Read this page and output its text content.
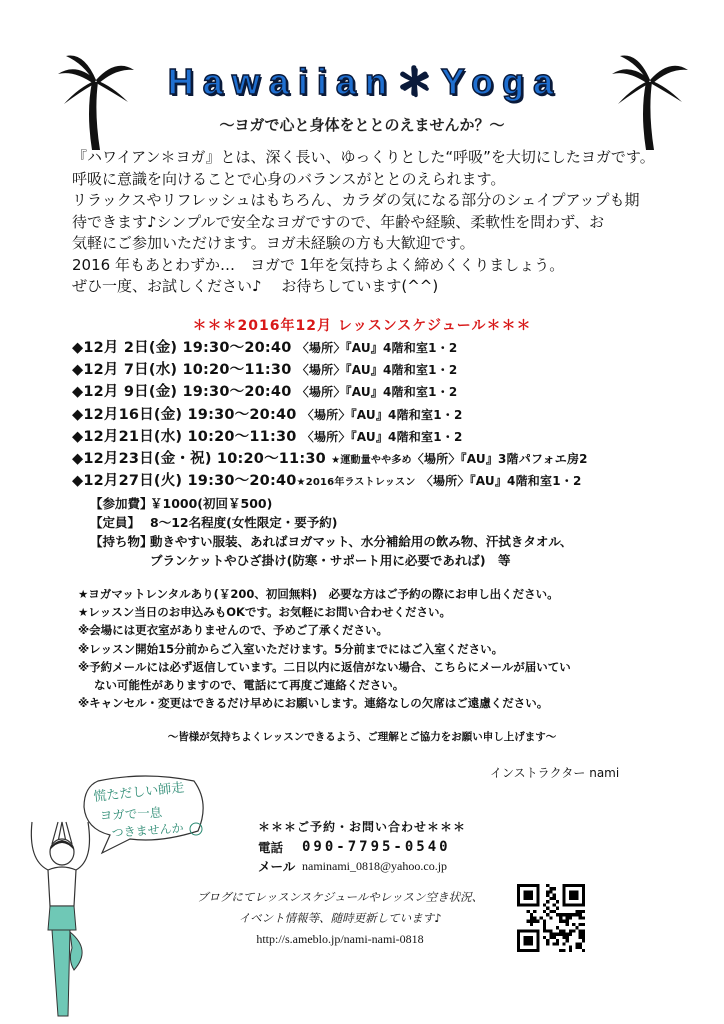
Hawaiian＊Yoga
～ヨガで心と身体をととのえませんか？～
『ハワイアン＊ヨガ』とは、深く長い、ゆっくりとした“呼吸”を大切にしたヨガです。
呼吸に意識を向けることで心身のバランスがととのえられます。
リラックスやリフレッシュはもちろん、カラダの気になる部分のシェイプアップも期
待できます♪シンプルで安全なヨガですので、年齢や経験、柔軟性を問わず、お
気軽にご参加いただけます。ヨガ未経験の方も大歓迎です。
2016 年もあとわずか…　ヨガで 1年を気持ちよく締めくくりましょう。
ぜひ一度、お試しください♪　 お待ちしています(^^)
＊＊＊2016年12月 レッスンスケジュール＊＊＊
◆12月 2日(金) 19:30～20:40 〈場所〉『AU』4階和室1・2
◆12月 7日(水) 10:20～11:30 〈場所〉『AU』4階和室1・2
◆12月 9日(金) 19:30～20:40 〈場所〉『AU』4階和室1・2
◆12月16日(金) 19:30～20:40 〈場所〉『AU』4階和室1・2
◆12月21日(水) 10:20～11:30 〈場所〉『AU』4階和室1・2
◆12月23日(金・祝) 10:20～11:30 ★運動量やや多め〈場所〉『AU』3階パフォエ房2
◆12月27日(火) 19:30～20:40★2016年ラストレッスン 〈場所〉『AU』4階和室1・2
【参加費】
￥1000(初回￥500)
【定員】 8～12名程度(女性限定・要予約)
【持ち物】
動きやすい服装、あればヨガマット、水分補給用の飲み物、汗拭きタオル、
ブランケットやひざ掛け(防寒・サポート用に必要であれば)　等
★ヨガマットレンタルあり(￥200、初回無料)　必要な方はご予約の際にお申し出ください。
★レッスン当日のお申込みもOKです。お気軽にお問い合わせください。
※会場には更衣室がありませんので、予めご了承ください。
※レッスン開始15分前からご入室いただけます。5分前までにはご入室ください。
※予約メールには必ず返信しています。二日以内に返信がない場合、こちらにメールが届いてい
ない可能性がありますので、電話にて再度ご連絡ください。
※キャンセル・変更はできるだけ早めにお願いします。連絡なしの欠席はご遠慮ください。
～皆様が気持ちよくレッスンできるよう、ご理解とご協力をお願い申し上げます～
インストラクター nami
慌ただしい師走
ヨガで一息
つきませんか	＊＊＊ご予約・お問い合わせ＊＊＊
電話	090-7795-0540
メール naminami_0818@yahoo.co.jp
ブログにてレッスンスケジュールやレッスン空き状況、
イベント情報等、随時更新しています♪
http://s.ameblo.jp/nami-nami-0818
